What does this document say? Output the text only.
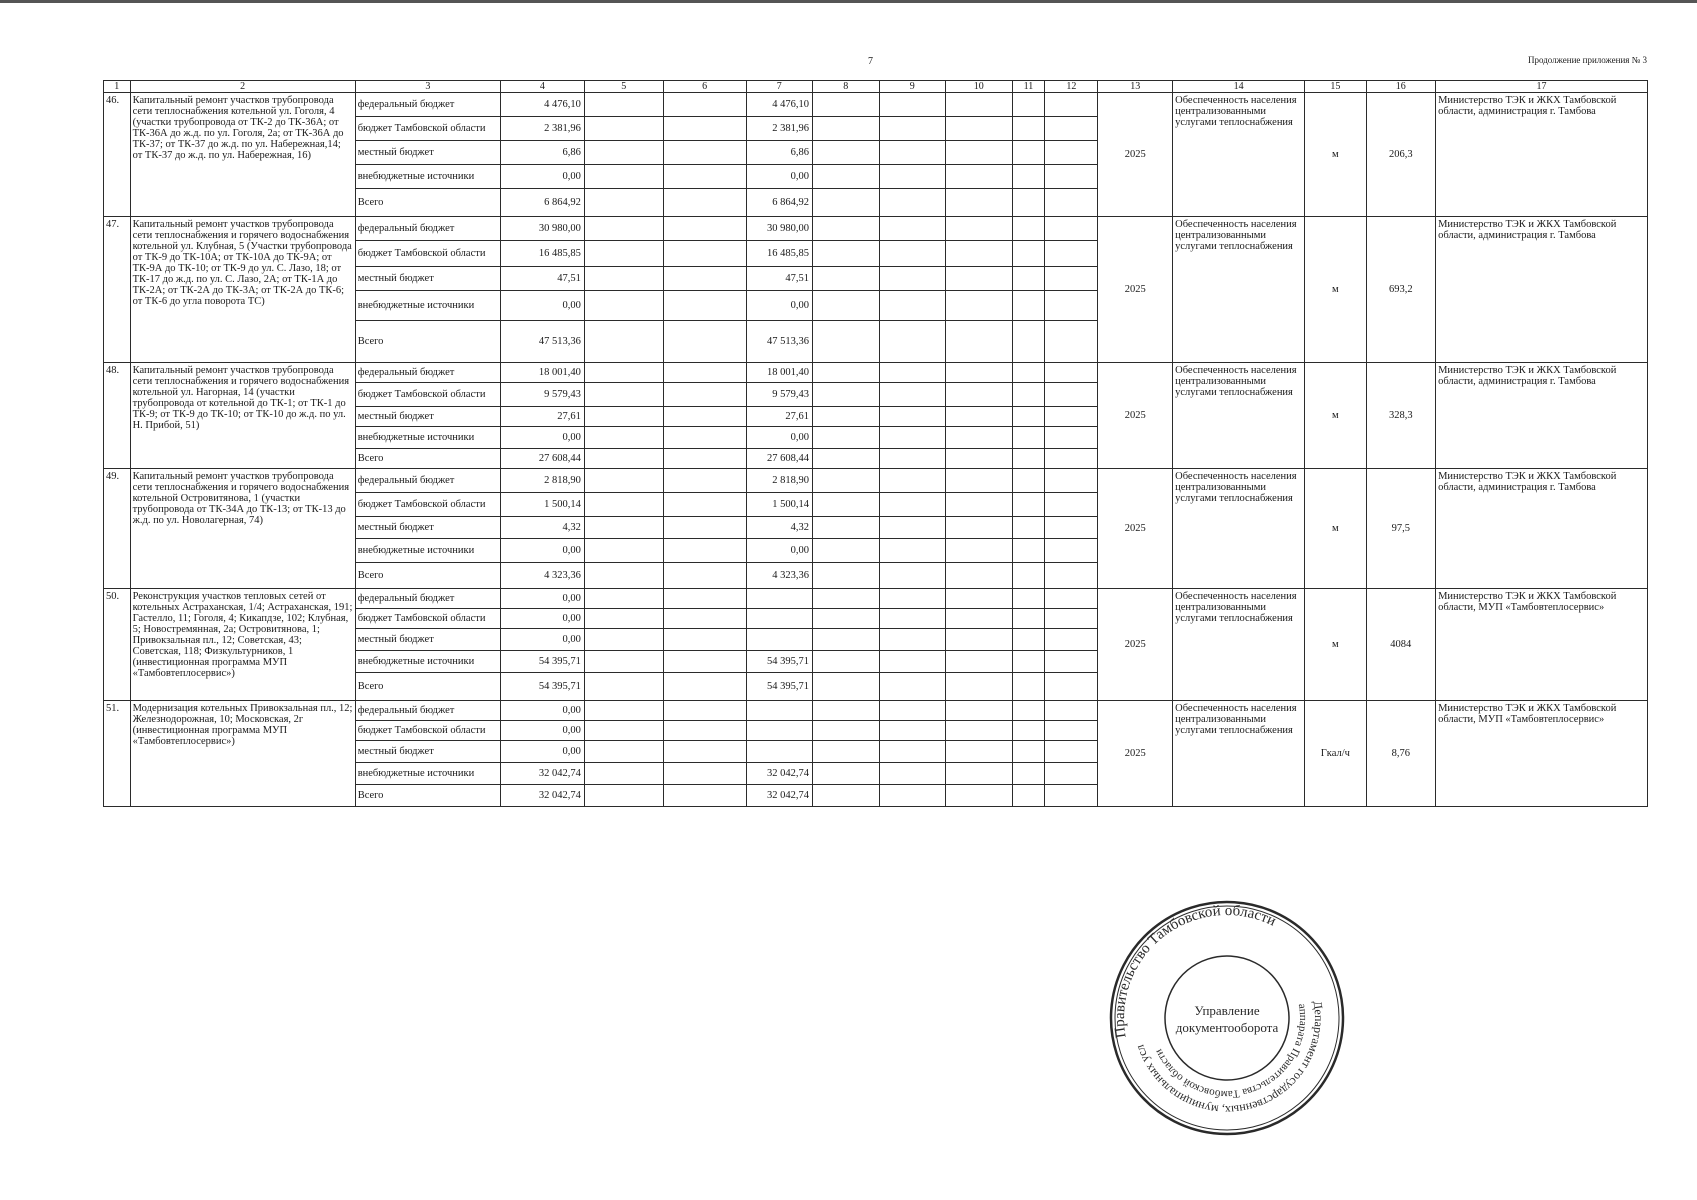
7	Продолжение приложения № 3
1	2	3	4	5	6	7	8	9	10	11	12	13	14	15	16	17
46.	Капитальный ремонт участков трубопровода сети теплоснабжения котельной ул. Гоголя, 4 (участки трубопровода от ТК-2 до ТК-36А; от ТК-36А до ж.д. по ул. Гоголя, 2а; от ТК-36А до ТК-37; от ТК-37 до ж.д. по ул. Набережная,14; от ТК-37 до ж.д. по ул. Набережная, 16)	федеральный бюджет	4 476,10			4 476,10						2025	Обеспеченность населения централизованными услугами теплоснабжения	м	206,3	Министерство ТЭК и ЖКХ Тамбовской области, администрация г. Тамбова
		бюджет Тамбовской области	2 381,96			2 381,96										
		местный бюджет	6,86			6,86										
		внебюджетные источники	0,00			0,00										
		Всего	6 864,92			6 864,92										
47.	Капитальный ремонт участков трубопровода сети теплоснабжения и горячего водоснабжения котельной ул. Клубная, 5 (Участки трубопровода от ТК-9 до ТК-10А; от ТК-10А до ТК-9А; от ТК-9А до ТК-10; от ТК-9 до ул. С. Лазо, 18; от ТК-17 до ж.д. по ул. С. Лазо, 2А; от ТК-1А до ТК-2А; от ТК-2А до ТК-3А; от ТК-2А до ТК-6; от ТК-6 до угла поворота ТС)	федеральный бюджет	30 980,00			30 980,00						2025	Обеспеченность населения централизованными услугами теплоснабжения	м	693,2	Министерство ТЭК и ЖКХ Тамбовской области, администрация г. Тамбова
		бюджет Тамбовской области	16 485,85			16 485,85										
		местный бюджет	47,51			47,51										
		внебюджетные источники	0,00			0,00										
		Всего	47 513,36			47 513,36										
48.	Капитальный ремонт участков трубопровода сети теплоснабжения и горячего водоснабжения котельной ул. Нагорная, 14 (участки трубопровода от котельной до ТК-1; от ТК-1 до ТК-9; от ТК-9 до ТК-10; от ТК-10 до ж.д. по ул. Н. Прибой, 51)	федеральный бюджет	18 001,40			18 001,40						2025	Обеспеченность населения централизованными услугами теплоснабжения	м	328,3	Министерство ТЭК и ЖКХ Тамбовской области, администрация г. Тамбова
		бюджет Тамбовской области	9 579,43			9 579,43										
		местный бюджет	27,61			27,61										
		внебюджетные источники	0,00			0,00										
		Всего	27 608,44			27 608,44										
49.	Капитальный ремонт участков трубопровода сети теплоснабжения и горячего водоснабжения котельной Островитянова, 1 (участки трубопровода от ТК-34А до ТК-13; от ТК-13 до ж.д. по ул. Новолагерная, 74)	федеральный бюджет	2 818,90			2 818,90						2025	Обеспеченность населения централизованными услугами теплоснабжения	м	97,5	Министерство ТЭК и ЖКХ Тамбовской области, администрация г. Тамбова
		бюджет Тамбовской области	1 500,14			1 500,14										
		местный бюджет	4,32			4,32										
		внебюджетные источники	0,00			0,00										
		Всего	4 323,36			4 323,36										
50.	Реконструкция участков тепловых сетей от котельных Астраханская, 1/4; Астраханская, 191; Гастелло, 11; Гоголя, 4; Кикапдзе, 102; Клубная, 5; Новостремянная, 2а; Островитянова, 1; Привокзальная пл., 12; Советская, 43; Советская, 118; Физкультурников, 1 (инвестиционная программа МУП «Тамбовтеплосервис»)	федеральный бюджет	0,00									2025	Обеспеченность населения централизованными услугами теплоснабжения	м	4084	Министерство ТЭК и ЖКХ Тамбовской области, МУП «Тамбовтеплосервис»
		бюджет Тамбовской области	0,00													
		местный бюджет	0,00													
		внебюджетные источники	54 395,71			54 395,71										
		Всего	54 395,71			54 395,71										
51.	Модернизация котельных Привокзальная пл., 12; Железнодорожная, 10; Московская, 2г (инвестиционная программа МУП «Тамбовтеплосервис»)	федеральный бюджет	0,00									2025	Обеспеченность населения централизованными услугами теплоснабжения	Гкал/ч	8,76	Министерство ТЭК и ЖКХ Тамбовской области, МУП «Тамбовтеплосервис»
		бюджет Тамбовской области	0,00													
		местный бюджет	0,00													
		внебюджетные источники	32 042,74			32 042,74										
		Всего	32 042,74			32 042,74										
Правительство Тамбовской области
Департамент государственных, муниципальных услуг
аппарата Правительства Тамбовской области
Управление
документооборота
